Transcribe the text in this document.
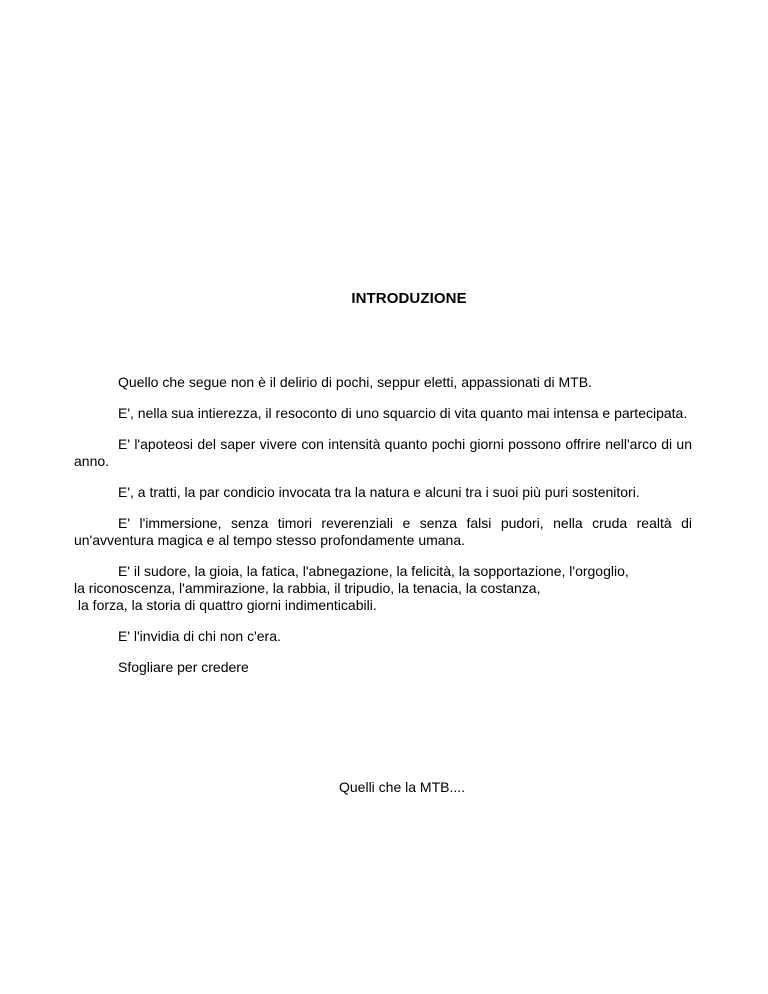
INTRODUZIONE

Quello che segue non è il delirio di pochi, seppur eletti, appassionati di MTB.

E', nella sua intierezza, il resoconto di uno squarcio di vita quanto mai intensa e partecipata.

E' l'apoteosi del saper vivere con intensità quanto pochi giorni possono offrire nell'arco di un anno.

E', a tratti, la par condicio invocata tra la natura e alcuni tra i suoi più puri sostenitori.

E' l'immersione, senza timori reverenziali e senza falsi pudori, nella cruda realtà di un'avventura magica e al tempo stesso profondamente umana.

E' il sudore, la gioia, la fatica, l'abnegazione, la felicità, la sopportazione, l'orgoglio,
la riconoscenza, l'ammirazione, la rabbia, il tripudio, la tenacia, la costanza,
la forza, la storia di quattro giorni indimenticabili.

E' l'invidia di chi non c'era.

Sfogliare per credere

Quelli che la MTB....
